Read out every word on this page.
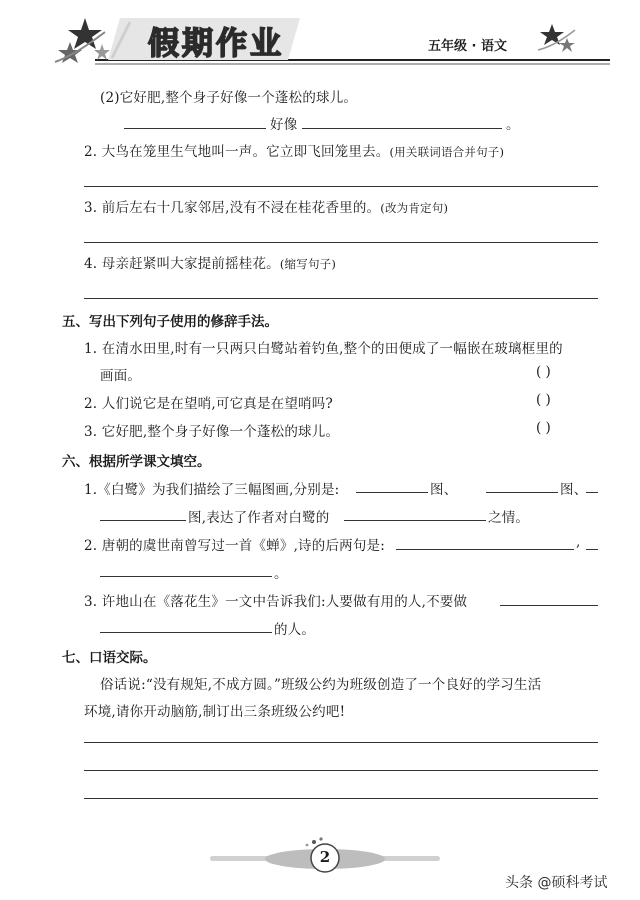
假期作业	五年级 · 语文
(2)它好肥,整个身子好像一个蓬松的球儿。
好像	。
2. 大鸟在笼里生气地叫一声。它立即飞回笼里去。(用关联词语合并句子)
3. 前后左右十几家邻居,没有不浸在桂花香里的。(改为肯定句)
4. 母亲赶紧叫大家提前摇桂花。(缩写句子)
五、写出下列句子使用的修辞手法。
1. 在清水田里,时有一只两只白鹭站着钓鱼,整个的田便成了一幅嵌在玻璃框里的
画面。	( )
2. 人们说它是在望哨,可它真是在望哨吗?	( )
3. 它好肥,整个身子好像一个蓬松的球儿。	( )
六、根据所学课文填空。
1.《白鹭》为我们描绘了三幅图画,分别是:	图、	图、
图,表达了作者对白鹭的	之情。
2. 唐朝的虞世南曾写过一首《蝉》,诗的后两句是:	,
。
3. 许地山在《落花生》一文中告诉我们:人要做有用的人,不要做
的人。
七、口语交际。
俗话说:“没有规矩,不成方圆。”班级公约为班级创造了一个良好的学习生活
环境,请你开动脑筋,制订出三条班级公约吧!
2
头条 @硕科考试
